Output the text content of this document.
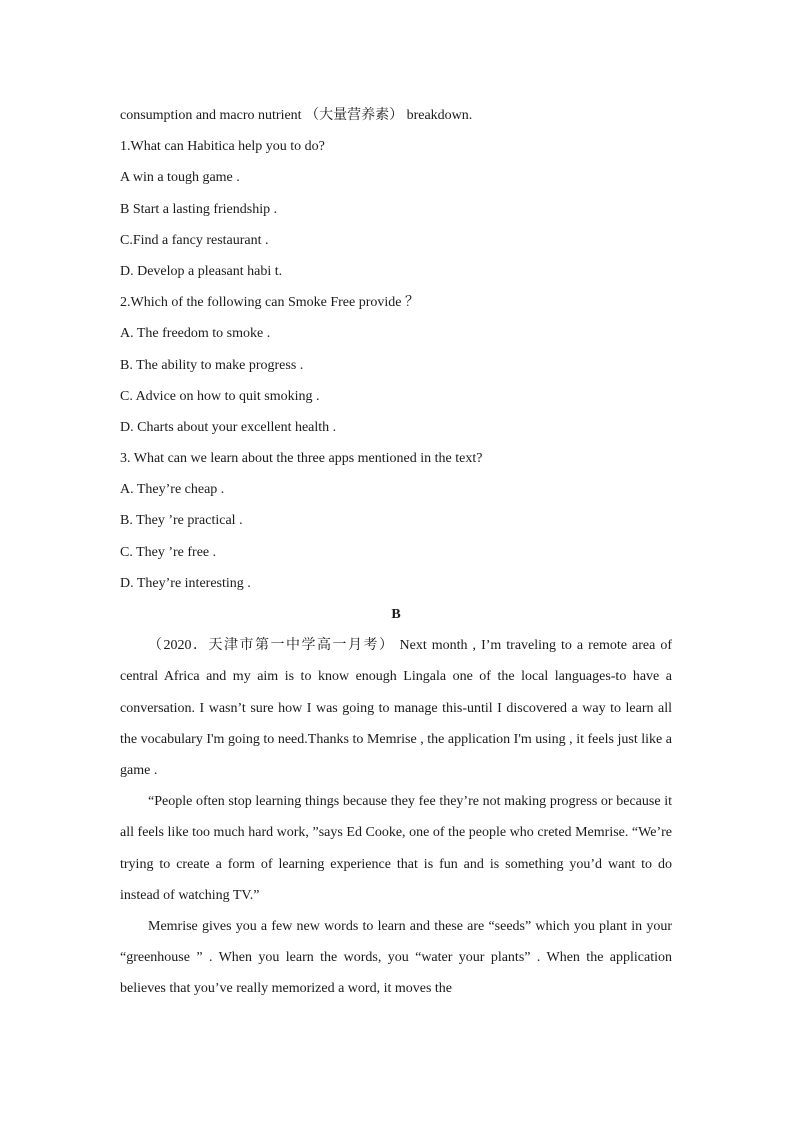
consumption and macro nutrient （大量营养素） breakdown.
1.What can Habitica help you to do?
A win a tough game .
B Start a lasting friendship .
C.Find a fancy restaurant .
D. Develop a pleasant habi t.
2.Which of the following can Smoke Free provide ？
A. The freedom to smoke .
B. The ability to make progress .
C. Advice on how to quit smoking .
D. Charts about your excellent health .
3. What can we learn about the three apps mentioned in the text?
A. They’re cheap .
B. They ’re practical .
C. They ’re free .
D. They’re interesting .
B

（2020．天津市第一中学高一月考） Next month , I’m traveling to a remote area of central Africa and my aim is to know enough Lingala one of the local languages-to have a conversation. I wasn’t sure how I was going to manage this-until I discovered a way to learn all the vocabulary I'm going to need.Thanks to Memrise , the application I'm using , it feels just like a game .

“People often stop learning things because they fee they’re not making progress or because it all feels like too much hard work, ”says Ed Cooke, one of the people who creted Memrise. “We’re trying to create a form of learning experience that is fun and is something you’d want to do instead of watching TV.”

Memrise gives you a few new words to learn and these are “seeds” which you plant in your “greenhouse ” . When you learn the words, you “water your plants” . When the application believes that you’ve really memorized a word, it moves the
